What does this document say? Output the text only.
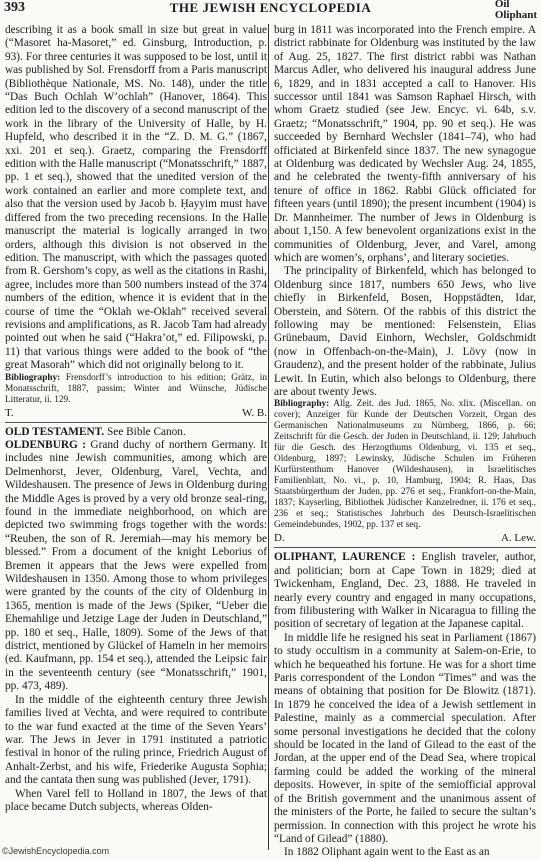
393	THE JEWISH ENCYCLOPEDIA	Oil
Oliphant

describing it as a book small in size but great in value (“Masoret ha-Masoret,” ed. Ginsburg, Introduction, p. 93). For three centuries it was supposed to be lost, until it was published by Sol. Frensdorff from a Paris manuscript (Bibliothèque Nationale, MS. No. 148), under the title “Das Buch Ochlah W’ochlah” (Hanover, 1864). This edition led to the discovery of a second manuscript of the work in the library of the University of Halle, by H. Hupfeld, who described it in the “Z. D. M. G.” (1867, xxi. 201 et seq.). Graetz, comparing the Frensdorff edition with the Halle manuscript (“Monatsschrift,” 1887, pp. 1 et seq.), showed that the unedited version of the work contained an earlier and more complete text, and also that the version used by Jacob b. Ḥayyim must have differed from the two preceding recensions. In the Halle manuscript the material is logically arranged in two orders, although this division is not observed in the edition. The manuscript, with which the passages quoted from R. Gershom’s copy, as well as the citations in Rashi, agree, includes more than 500 numbers instead of the 374 numbers of the edition, whence it is evident that in the course of time the “Oklah we-Oklah” received several revisions and amplifications, as R. Jacob Tam had already pointed out when he said (“Hakra’ot,” ed. Filipowski, p. 11) that various things were added to the book of “the great Masorah” which did not originally belong to it.

Bibliography: Frensdorff’s introduction to his edition; Grätz, in Monatsschrift, 1887, passim; Winter and Wünsche, Jüdische Litteratur, ii. 129.

T.	W. B.

OLD TESTAMENT. See Bible Canon.

OLDENBURG : Grand duchy of northern Germany. It includes nine Jewish communities, among which are Delmenhorst, Jever, Oldenburg, Varel, Vechta, and Wildeshausen. The presence of Jews in Oldenburg during the Middle Ages is proved by a very old bronze seal-ring, found in the immediate neighborhood, on which are depicted two swimming frogs together with the words: “Reuben, the son of R. Jeremiah—may his memory be blessed.” From a document of the knight Leborius of Bremen it appears that the Jews were expelled from Wildeshausen in 1350. Among those to whom privileges were granted by the counts of the city of Oldenburg in 1365, mention is made of the Jews (Spiker, “Ueber die Ehemahlige und Jetzige Lage der Juden in Deutschland,” pp. 180 et seq., Halle, 1809). Some of the Jews of that district, mentioned by Glückel of Hameln in her memoirs (ed. Kaufmann, pp. 154 et seq.), attended the Leipsic fair in the seventeenth century (see “Monatsschrift,” 1901, pp. 473, 489).

In the middle of the eighteenth century three Jewish families lived at Vechta, and were required to contribute to the war fund exacted at the time of the Seven Years’ war. The Jews in Jever in 1791 instituted a patriotic festival in honor of the ruling prince, Friedrich August of Anhalt-Zerbst, and his wife, Friederike Augusta Sophia; and the cantata then sung was published (Jever, 1791).

When Varel fell to Holland in 1807, the Jews of that place became Dutch subjects, whereas Olden-

burg in 1811 was incorporated into the French empire. A district rabbinate for Oldenburg was instituted by the law of Aug. 25, 1827. The first district rabbi was Nathan Marcus Adler, who delivered his inaugural address June 6, 1829, and in 1831 accepted a call to Hanover. His successor until 1841 was Samson Raphael Hirsch, with whom Graetz studied (see Jew. Encyc. vi. 64b, s.v. Graetz; “Monatsschrift,” 1904, pp. 90 et seq.). He was succeeded by Bernhard Wechsler (1841–74), who had officiated at Birkenfeld since 1837. The new synagogue at Oldenburg was dedicated by Wechsler Aug. 24, 1855, and he celebrated the twenty-fifth anniversary of his tenure of office in 1862. Rabbi Glück officiated for fifteen years (until 1890); the present incumbent (1904) is Dr. Mannheimer. The number of Jews in Oldenburg is about 1,150. A few benevolent organizations exist in the communities of Oldenburg, Jever, and Varel, among which are women’s, orphans’, and literary societies.

The principality of Birkenfeld, which has belonged to Oldenburg since 1817, numbers 650 Jews, who live chiefly in Birkenfeld, Bosen, Hoppstädten, Idar, Oberstein, and Sötern. Of the rabbis of this district the following may be mentioned: Felsenstein, Elias Grünebaum, David Einhorn, Wechsler, Goldschmidt (now in Offenbach-on-the-Main), J. Lövy (now in Graudenz), and the present holder of the rabbinate, Julius Lewit. In Eutin, which also belongs to Oldenburg, there are about twenty Jews.

Bibliography: Allg. Zeit. des Jud. 1865, No. xlix. (Miscellan. on cover); Anzeiger für Kunde der Deutschen Vorzeit, Organ des Germanischen Nationalmuseums zu Nürnberg, 1866, p. 66; Zeitschrift für die Gesch. der Juden in Deutschland, ii. 129; Jahrbuch für die Gesch. des Herzogthums Oldenburg, vi. 135 et seq., Oldenburg, 1897; Lewinsky, Jüdische Schulen im Früheren Kurfürstenthum Hanover (Wildeshausen), in Israelitisches Familienblatt, No. vi., p. 10, Hamburg, 1904; R. Haas, Das Staatsbürgerthum der Juden, pp. 276 et seq., Frankfort-on-the-Main, 1837; Kayserling, Bibliothek Jüdischer Kanzelredner, ii. 176 et seq., 236 et seq.; Statistisches Jahrbuch des Deutsch-Israelitischen Gemeindebundes, 1902, pp. 137 et seq.

D.	A. Lew.

OLIPHANT, LAURENCE : English traveler, author, and politician; born at Cape Town in 1829; died at Twickenham, England, Dec. 23, 1888. He traveled in nearly every country and engaged in many occupations, from filibustering with Walker in Nicaragua to filling the position of secretary of legation at the Japanese capital.

In middle life he resigned his seat in Parliament (1867) to study occultism in a community at Salem-on-Erie, to which he bequeathed his fortune. He was for a short time Paris correspondent of the London “Times” and was the means of obtaining that position for De Blowitz (1871). In 1879 he conceived the idea of a Jewish settlement in Palestine, mainly as a commercial speculation. After some personal investigations he decided that the colony should be located in the land of Gilead to the east of the Jordan, at the upper end of the Dead Sea, where tropical farming could be added the working of the mineral deposits. However, in spite of the semiofficial approval of the British government and the unanimous assent of the ministers of the Porte, he failed to secure the sultan’s permission. In connection with this project he wrote his “Land of Gilead” (1880).

In 1882 Oliphant again went to the East as an

©JewishEncyclopedia.com
